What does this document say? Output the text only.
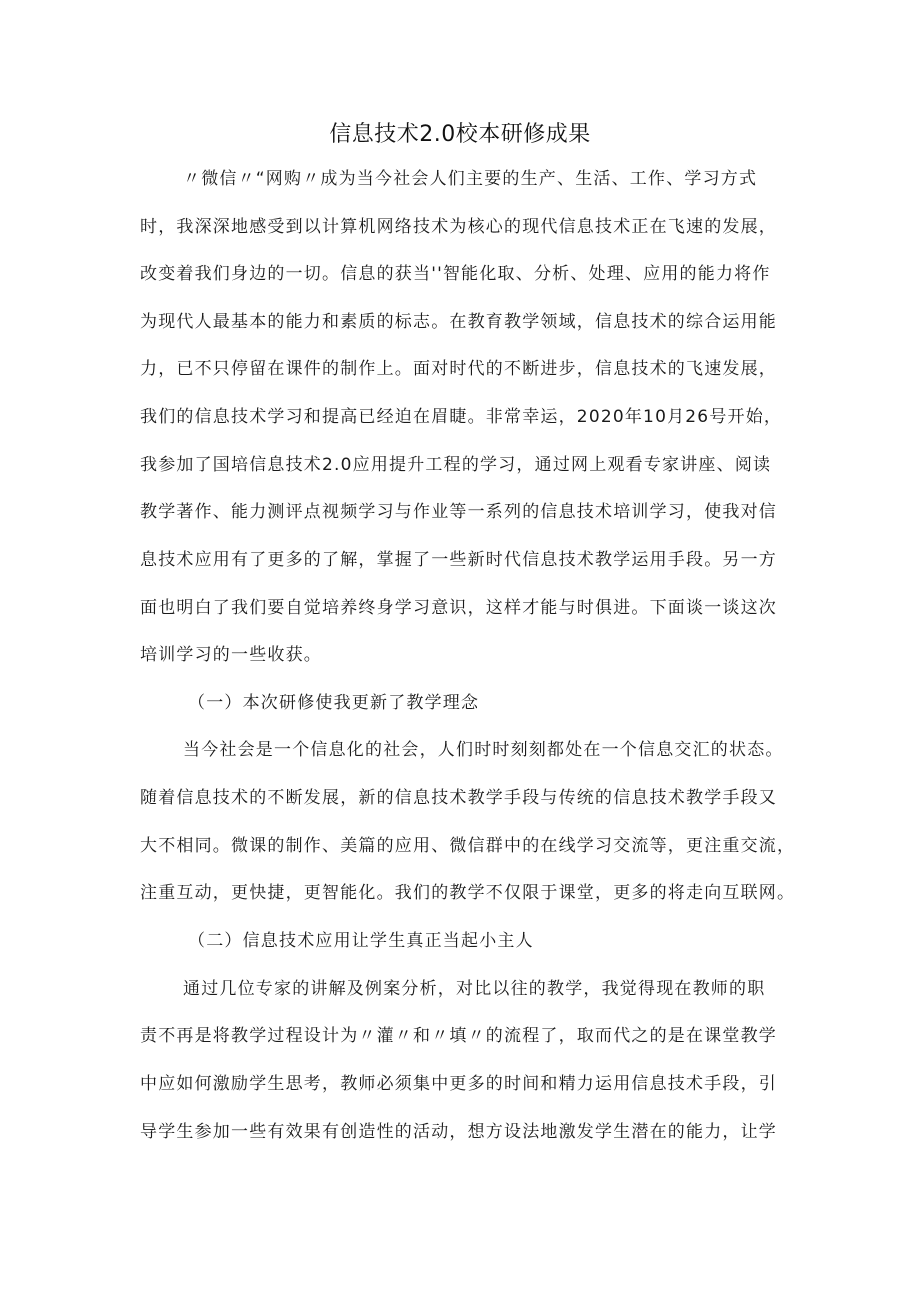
信息技术2.0校本研修成果
〃微信〃“网购〃成为当今社会人们主要的生产、生活、工作、学习方式
时，我深深地感受到以计算机网络技术为核心的现代信息技术正在飞速的发展，
改变着我们身边的一切。信息的获当''智能化取、分析、处理、应用的能力将作
为现代人最基本的能力和素质的标志。在教育教学领域，信息技术的综合运用能
力，已不只停留在课件的制作上。面对时代的不断进步，信息技术的飞速发展，
我们的信息技术学习和提高已经迫在眉睫。非常幸运，2020年10月26号开始，
我参加了国培信息技术2.0应用提升工程的学习，通过网上观看专家讲座、阅读
教学著作、能力测评点视频学习与作业等一系列的信息技术培训学习，使我对信
息技术应用有了更多的了解，掌握了一些新时代信息技术教学运用手段。另一方
面也明白了我们要自觉培养终身学习意识，这样才能与时俱进。下面谈一谈这次
培训学习的一些收获。
（一）本次研修使我更新了教学理念
当今社会是一个信息化的社会，人们时时刻刻都处在一个信息交汇的状态。
随着信息技术的不断发展，新的信息技术教学手段与传统的信息技术教学手段又
大不相同。微课的制作、美篇的应用、微信群中的在线学习交流等，更注重交流，
注重互动，更快捷，更智能化。我们的教学不仅限于课堂，更多的将走向互联网。
（二）信息技术应用让学生真正当起小主人
通过几位专家的讲解及例案分析，对比以往的教学，我觉得现在教师的职
责不再是将教学过程设计为〃灌〃和〃填〃的流程了，取而代之的是在课堂教学
中应如何激励学生思考，教师必须集中更多的时间和精力运用信息技术手段，引
导学生参加一些有效果有创造性的活动，想方设法地激发学生潜在的能力，让学
